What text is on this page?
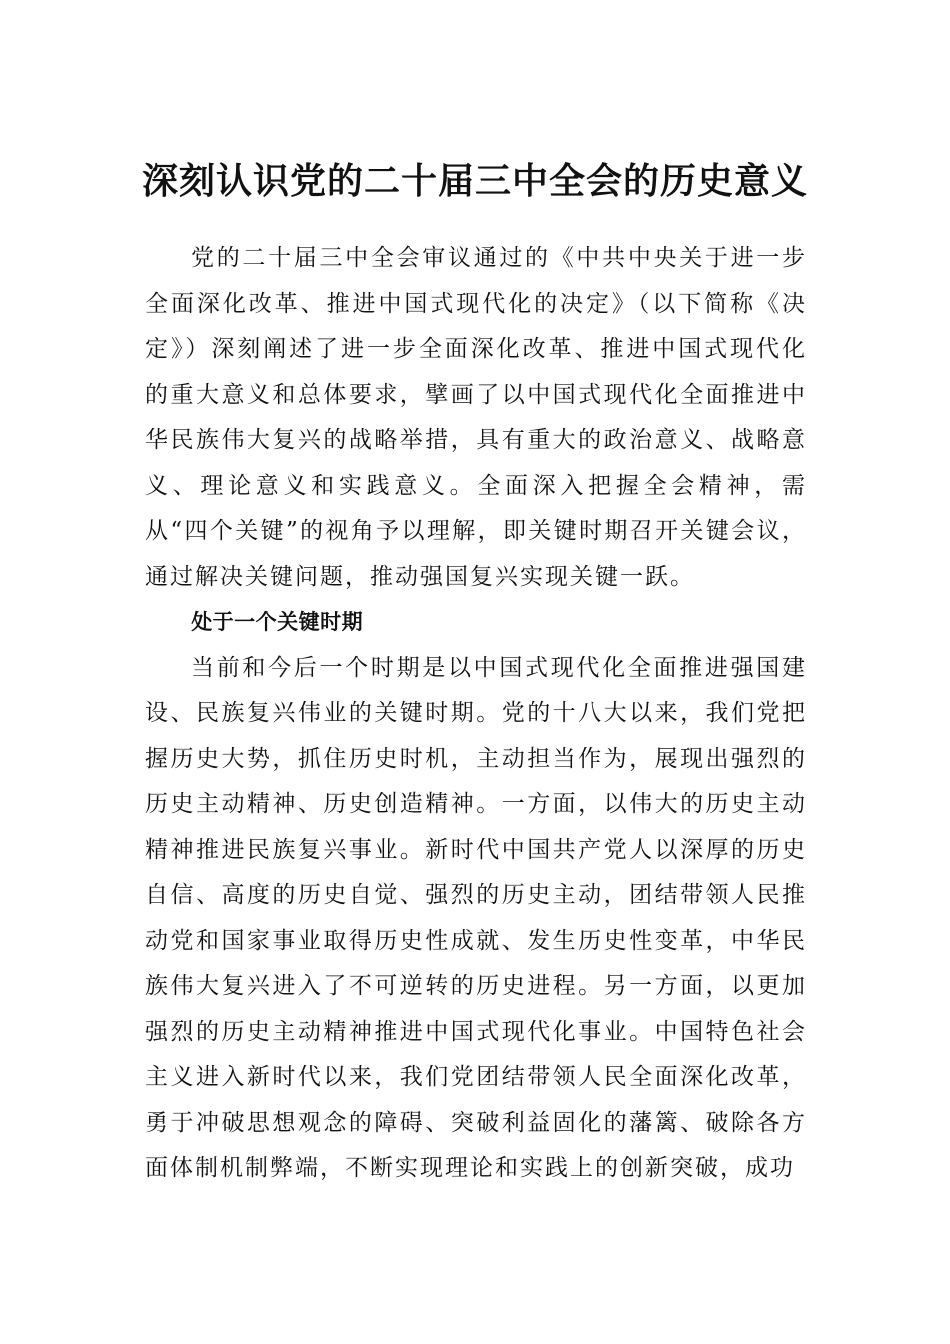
深刻认识党的二十届三中全会的历史意义

党的二十届三中全会审议通过的《中共中央关于进一步全面深化改革、推进中国式现代化的决定》（以下简称《决定》）深刻阐述了进一步全面深化改革、推进中国式现代化的重大意义和总体要求，擘画了以中国式现代化全面推进中华民族伟大复兴的战略举措，具有重大的政治意义、战略意义、理论意义和实践意义。全面深入把握全会精神，需从“四个关键”的视角予以理解，即关键时期召开关键会议，通过解决关键问题，推动强国复兴实现关键一跃。

处于一个关键时期

当前和今后一个时期是以中国式现代化全面推进强国建设、民族复兴伟业的关键时期。党的十八大以来，我们党把握历史大势，抓住历史时机，主动担当作为，展现出强烈的历史主动精神、历史创造精神。一方面，以伟大的历史主动精神推进民族复兴事业。新时代中国共产党人以深厚的历史自信、高度的历史自觉、强烈的历史主动，团结带领人民推动党和国家事业取得历史性成就、发生历史性变革，中华民族伟大复兴进入了不可逆转的历史进程。另一方面，以更加强烈的历史主动精神推进中国式现代化事业。中国特色社会主义进入新时代以来，我们党团结带领人民全面深化改革，勇于冲破思想观念的障碍、突破利益固化的藩篱、破除各方面体制机制弊端，不断实现理论和实践上的创新突破，成功
